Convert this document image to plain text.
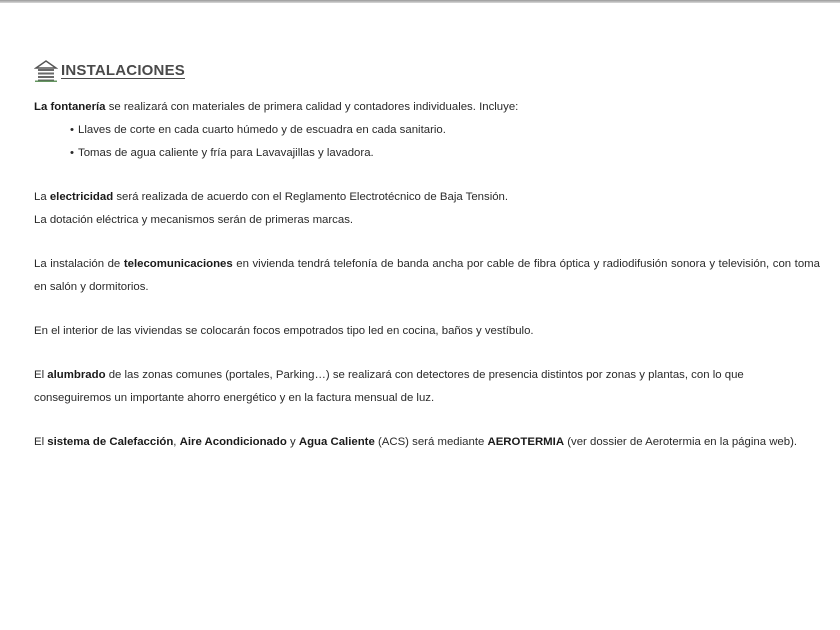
INSTALACIONES

La fontanería se realizará con materiales de primera calidad y contadores individuales. Incluye:

• Llaves de corte en cada cuarto húmedo y de escuadra en cada sanitario.
• Tomas de agua caliente y fría para Lavavajillas y lavadora.

La electricidad será realizada de acuerdo con el Reglamento Electrotécnico de Baja Tensión.

La dotación eléctrica y mecanismos serán de primeras marcas.

La instalación de telecomunicaciones en vivienda tendrá telefonía de banda ancha por cable de fibra óptica y radiodifusión sonora y televisión, con toma en salón y dormitorios.

En el interior de las viviendas se colocarán focos empotrados tipo led en cocina, baños y vestíbulo.

El alumbrado de las zonas comunes (portales, Parking…) se realizará con detectores de presencia distintos por zonas y plantas, con lo que conseguiremos un importante ahorro energético y en la factura mensual de luz.

El sistema de Calefacción, Aire Acondicionado y Agua Caliente (ACS) será mediante AEROTERMIA (ver dossier de Aerotermia en la página web).
